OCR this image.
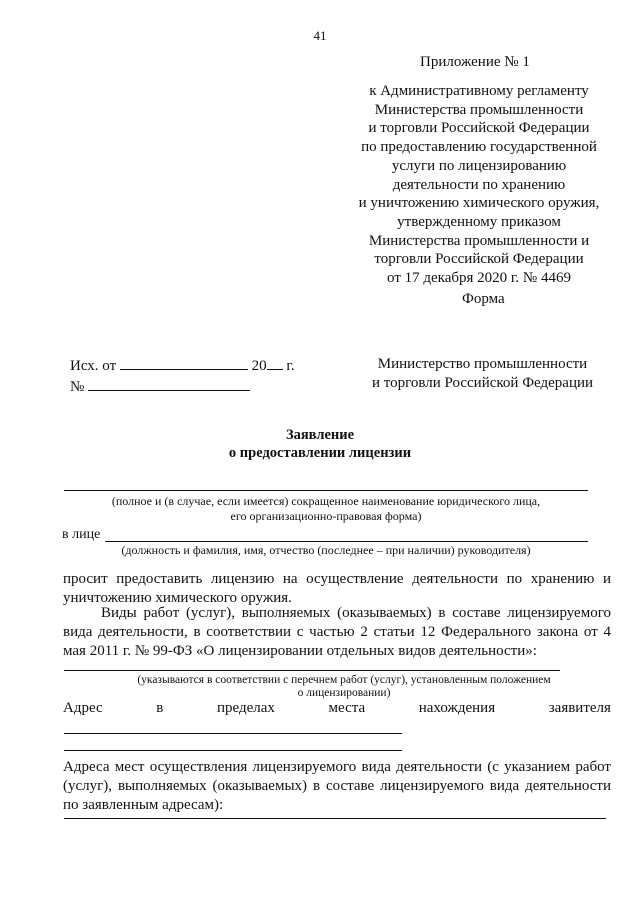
41
Приложение № 1
к Административному регламенту
Министерства промышленности
и торговли Российской Федерации
по предоставлению государственной
услуги по лицензированию
деятельности по хранению
и уничтожению химического оружия,
утвержденному приказом
Министерства промышленности и
торговли Российской Федерации
от 17 декабря 2020 г. № 4469
Форма
Исх. от	20 г.
№
Министерство промышленности
и торговли Российской Федерации
Заявление
о предоставлении лицензии
(полное и (в случае, если имеется) сокращенное наименование юридического лица,
его организационно-правовая форма)
в лице
(должность и фамилия, имя, отчество (последнее – при наличии) руководителя)
просит предоставить лицензию на осуществление деятельности по хранению и уничтожению химического оружия.
Виды работ (услуг), выполняемых (оказываемых) в составе лицензируемого вида деятельности, в соответствии с частью 2 статьи 12 Федерального закона от 4 мая 2011 г. № 99-ФЗ «О лицензировании отдельных видов деятельности»:
(указываются в соответствии с перечнем работ (услуг), установленным положением
о лицензировании)
Адрес	в	пределах	места	нахождения	заявителя
Адреса мест осуществления лицензируемого вида деятельности (с указанием работ (услуг), выполняемых (оказываемых) в составе лицензируемого вида деятельности по заявленным адресам):
